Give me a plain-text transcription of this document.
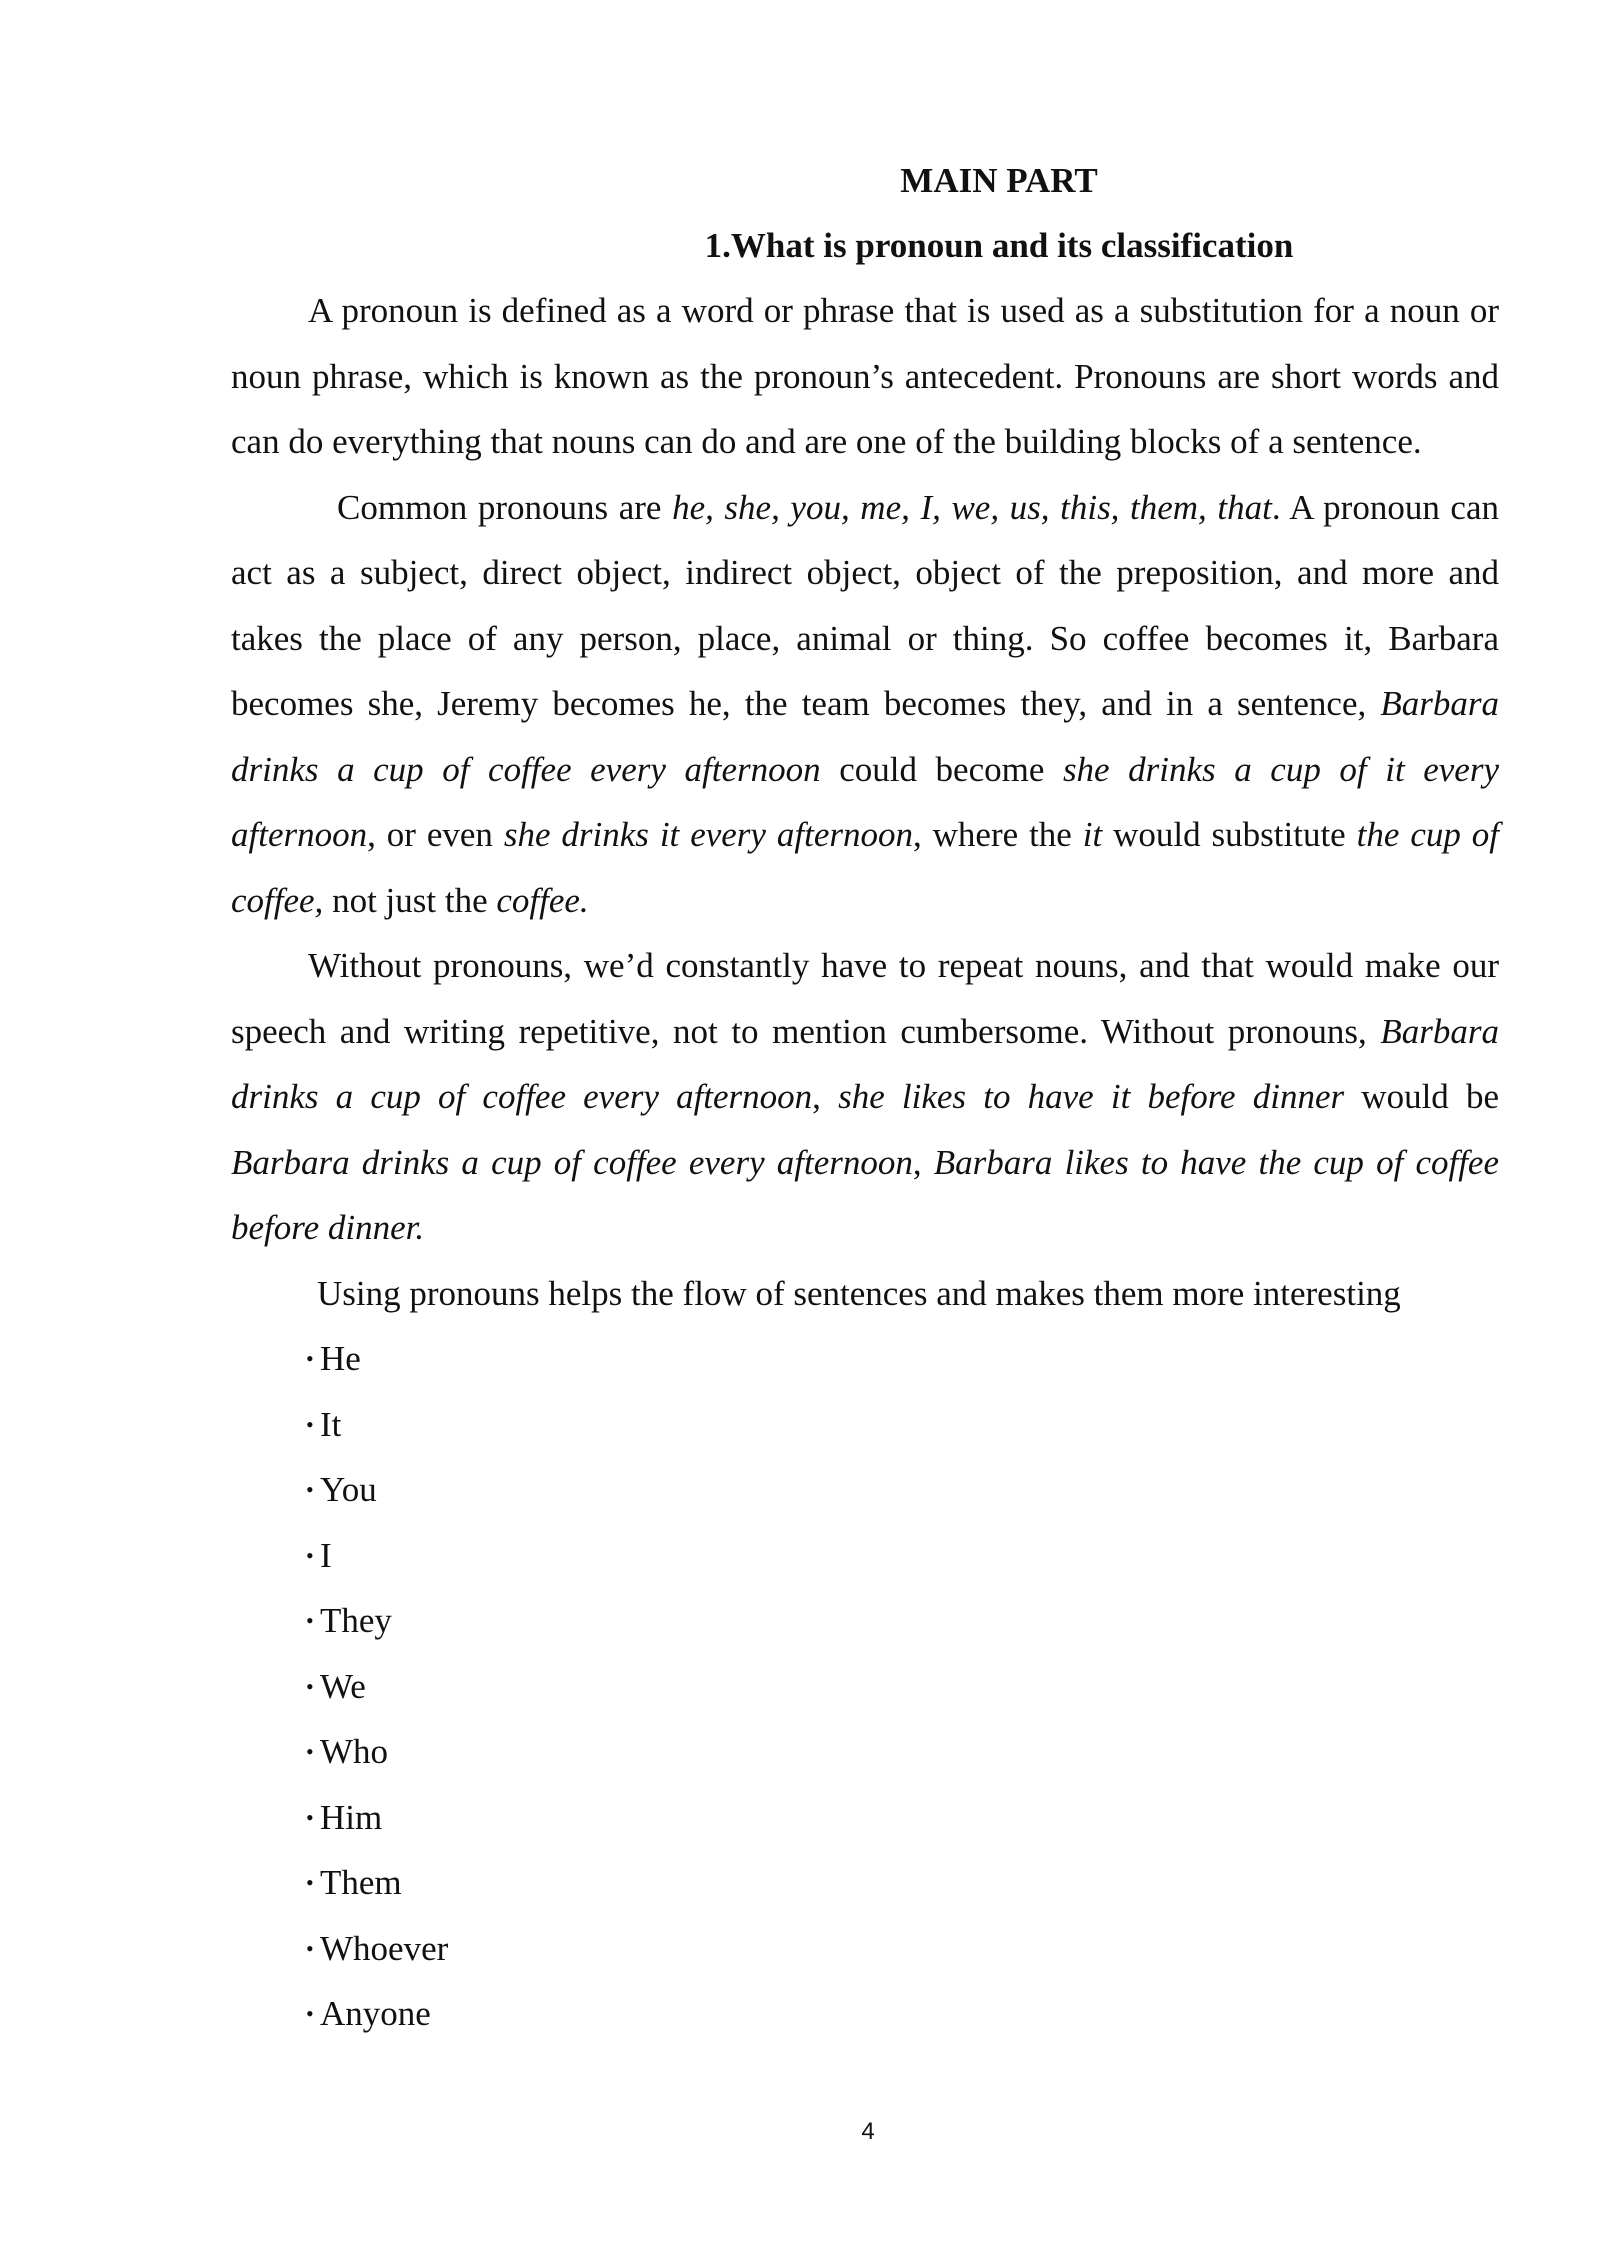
MAIN PART
1.What is pronoun and its classification

A pronoun is defined as a word or phrase that is used as a substitution for a noun or noun phrase, which is known as the pronoun’s antecedent. Pronouns are short words and can do everything that nouns can do and are one of the building blocks of a sentence.

Common pronouns are he, she, you, me, I, we, us, this, them, that. A pronoun can act as a subject, direct object, indirect object, object of the preposition, and more and takes the place of any person, place, animal or thing. So coffee becomes it, Barbara becomes she, Jeremy becomes he, the team becomes they, and in a sentence, Barbara drinks a cup of coffee every afternoon could become she drinks a cup of it every afternoon, or even she drinks it every afternoon, where the it would substitute the cup of coffee, not just the coffee.

Without pronouns, we’d constantly have to repeat nouns, and that would make our speech and writing repetitive, not to mention cumbersome. Without pronouns, Barbara drinks a cup of coffee every afternoon, she likes to have it before dinner would be Barbara drinks a cup of coffee every afternoon, Barbara likes to have the cup of coffee before dinner.

Using pronouns helps the flow of sentences and makes them more interesting

• He
• It
• You
• I
• They
• We
• Who
• Him
• Them
• Whoever
• Anyone
4
